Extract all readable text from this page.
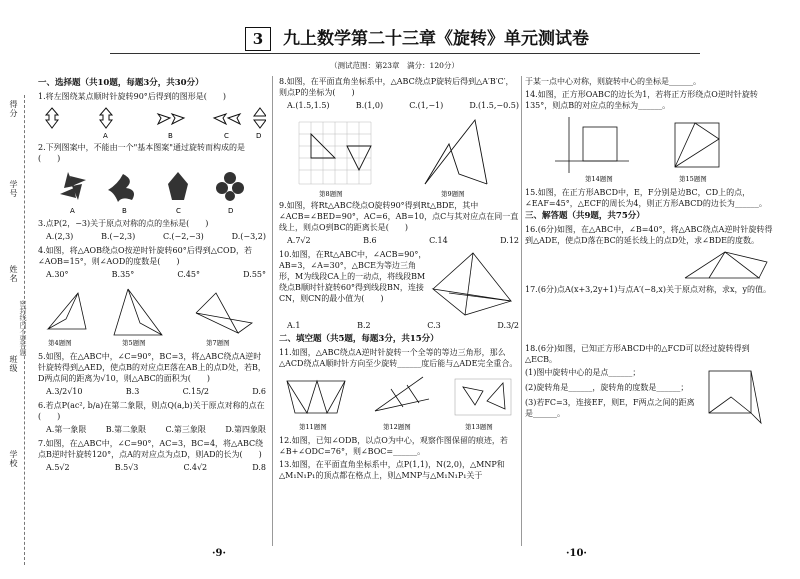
学校
班级
姓名
学号
得分
密封线内不要答题
3	九上数学第二十三章《旋转》单元测试卷
（测试范围：第23章　满分：120分）
一、选择题（共10题，每题3分，共30分）
1.将左图绕某点顺时针旋转90°后得到的图形是(　　)
A	B	C	D
2.下列图案中，不能由一个"基本图案"通过旋转而构成的是(　　)
A	B	C	D
3.点P(2，−3)关于原点对称的点的坐标是(　　)
A.(2,3)	B.(−2,3)	C.(−2,−3)	D.(−3,2)
4.如图，将△AOB绕点O按逆时针旋转60°后得到△COD，若∠AOB=15°，则∠AOD的度数是(　　)
A.30°	B.35°	C.45°	D.55°
第4题图	第5题图	第7题图
5.如图，在△ABC中，∠C=90°，BC=3，将△ABC绕点A逆时针旋转得到△AED，使点B的对应点E落在AB上的点D处，若B，D两点间的距离为√10，则△ABC的面积为(　　)
A.3/2√10	B.3	C.15/2	D.6
6.若点P(ac², b/a)在第二象限，则点Q(a,b)关于原点对称的点在(　　)
A.第一象限 B.第二象限 C.第三象限 D.第四象限
7.如图，在△ABC中，∠C=90°，AC=3，BC=4，将△ABC绕点B逆时针旋转120°，点A的对应点为点D，则AD的长为(　　)
A.5√2	B.5√3	C.4√2	D.8
8.如图，在平面直角坐标系中，△ABC绕点P旋转后得到△A′B′C′，则点P的坐标为(　　)
A.(1.5,1.5)	B.(1,0)	C.(1,−1)	D.(1.5,−0.5)
第8题图	第9题图
9.如图，将Rt△ABC绕点O旋转90°得到Rt△BDE，其中∠ACB=∠BED=90°，AC=6，AB=10，点C与其对应点在同一直线上，则点O到BC的距离长是(　　)
A.7√2	B.6	C.14	D.12
10.如图，在Rt△ABC中，∠ACB=90°，AB=3，∠A=30°，△BCE为等边三角形，M为线段CA上的一动点，将线段BM绕点B顺时针旋转60°得到线段BN，连接CN，则CN的最小值为(　　)
A.1	B.2	C.3	D.3/2
二、填空题（共5题，每题3分，共15分）
11.如图，△ABC绕点A逆时针旋转一个全等的等边三角形，那么△ACD绕点A顺时针方向至少旋转______度后能与△ADE完全重合。
第11题图	第12题图	第13题图
12.如图，已知∠ODB，以点O为中心，观察作图保留的痕迹，若∠B+∠ODC=76°，则∠BOC=______。
13.如图，在平面直角坐标系中，点P(1,1)，N(2,0)，△MNP和△M₁N₁P₁的顶点都在格点上，则△MNP与△M₁N₁P₁关于
于某一点中心对称，则旋转中心的坐标是______。
14.如图，正方形OABC的边长为1，若将正方形绕点O逆时针旋转135°，则点B的对应点的坐标为______。
第14题图	第15题图
15.如图，在正方形ABCD中，E，F分别是边BC，CD上的点，∠EAF=45°，△ECF的周长为4，则正方形ABCD的边长为______。
三、解答题（共9题，共75分）
16.(6分)如图，在△ABC中，∠B=40°，将△ABC绕点A逆时针旋转得到△ADE，使点D落在BC的延长线上的点D处，求∠BDE的度数。
17.(6分)点A(x+3,2y+1)与点A′(−8,x)关于原点对称，求x，y的值。
18.(6分)如图，已知正方形ABCD中的△FCD可以经过旋转得到△ECB。
(1)图中旋转中心的是点______；
(2)旋转角是______，旋转角的度数是______；
(3)若FC=3，连接EF，则E，F两点之间的距离是______。
·9·	·10·
